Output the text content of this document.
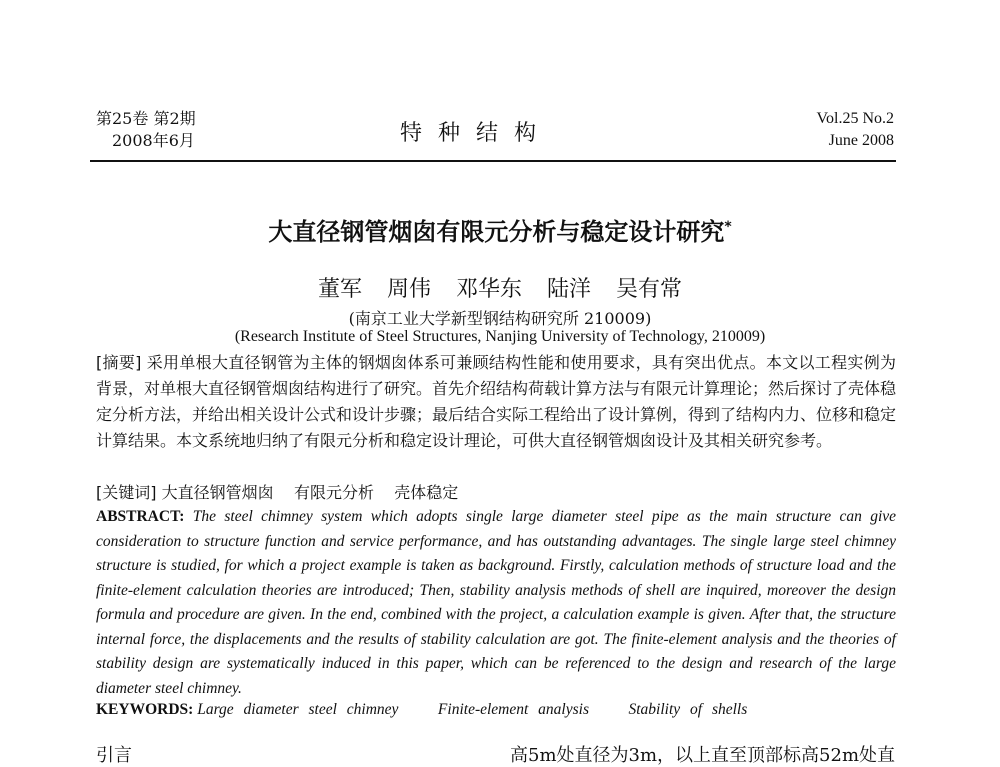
第25卷 第2期
2008年6月	特种结构
Vol.25 No.2
June 2008
大直径钢管烟囱有限元分析与稳定设计研究*
董军 周伟 邓华东 陆洋 吴有常
(南京工业大学新型钢结构研究所 210009)
(Research Institute of Steel Structures, Nanjing University of Technology, 210009)
[摘要] 采用单根大直径钢管为主体的钢烟囱体系可兼顾结构性能和使用要求，具有突出优点。本文以工程实例为背景，对单根大直径钢管烟囱结构进行了研究。首先介绍结构荷载计算方法与有限元计算理论；然后探讨了壳体稳定分析方法，并给出相关设计公式和设计步骤；最后结合实际工程给出了设计算例，得到了结构内力、位移和稳定计算结果。本文系统地归纳了有限元分析和稳定设计理论，可供大直径钢管烟囱设计及其相关研究参考。
[关键词] 大直径钢管烟囱    有限元分析    壳体稳定
ABSTRACT: The steel chimney system which adopts single large diameter steel pipe as the main structure can give consideration to structure function and service performance, and has outstanding advantages. The single large steel chimney structure is studied, for which a project example is taken as background. Firstly, calculation methods of structure load and the finite-element calculation theories are introduced; Then, stability analysis methods of shell are inquired, moreover the design formula and procedure are given. In the end, combined with the project, a calculation example is given. After that, the structure internal force, the displacements and the results of stability calculation are got. The finite-element analysis and the theories of stability design are systematically induced in this paper, which can be referenced to the design and research of the large diameter steel chimney.
KEYWORDS: Large diameter steel chimney    Finite-element analysis    Stability of shells
引言	高5m处直径为3m，以上直至顶部标高52m处直
